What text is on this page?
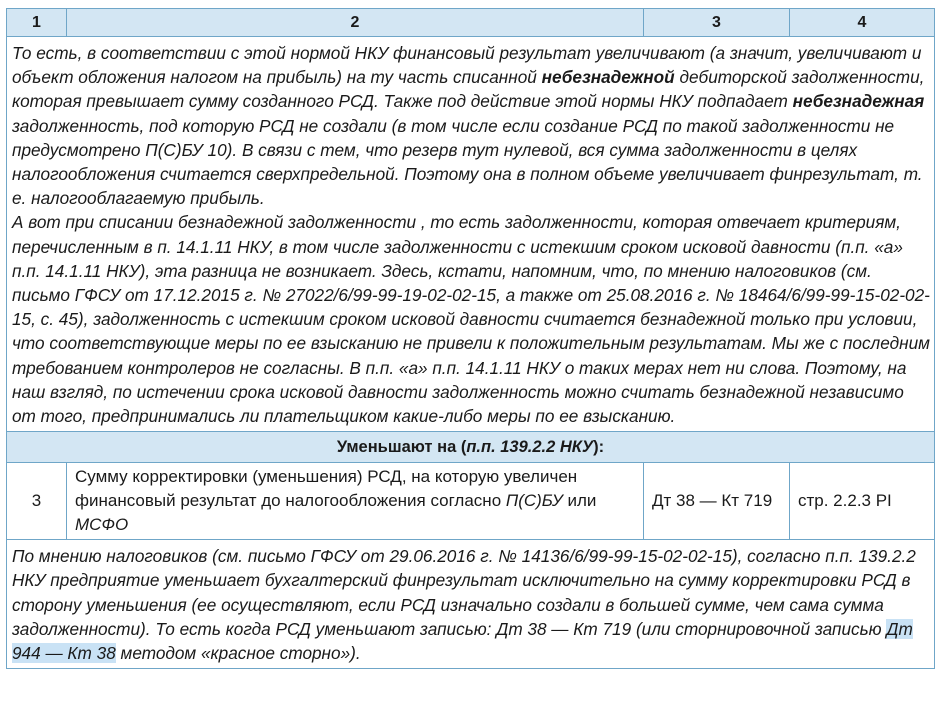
1	2	3	4

То есть, в соответствии с этой нормой НКУ финансовый результат увеличивают (а значит, увеличивают и объект обложения налогом на прибыль) на ту часть списанной небезнадежной дебиторской задолженности, которая превышает сумму созданного РСД. Также под действие этой нормы НКУ подпадает небезнадежная задолженность, под которую РСД не создали (в том числе если создание РСД по такой задолженности не предусмотрено П(С)БУ 10). В связи с тем, что резерв тут нулевой, вся сумма задолженности в целях налогообложения считается сверхпредельной. Поэтому она в полном объеме увеличивает финрезультат, т. е. налогооблагаемую прибыль.

А вот при списании безнадежной задолженности , то есть задолженности, которая отвечает критериям, перечисленным в п. 14.1.11 НКУ, в том числе задолженности с истекшим сроком исковой давности (п.п. «а» п.п. 14.1.11 НКУ), эта разница не возникает. Здесь, кстати, напомним, что, по мнению налоговиков (см. письмо ГФСУ от 17.12.2015 г. № 27022/6/99-99-19-02-02-15, а также от 25.08.2016 г. № 18464/6/99-99-15-02-02-15, с. 45), задолженность с истекшим сроком исковой давности считается безнадежной только при условии, что соответствующие меры по ее взысканию не привели к положительным результатам. Мы же с последним требованием контролеров не согласны. В п.п. «а» п.п. 14.1.11 НКУ о таких мерах нет ни слова. Поэтому, на наш взгляд, по истечении срока исковой давности задолженность можно считать безнадежной независимо от того, предпринимались ли плательщиком какие-либо меры по ее взысканию.			

Уменьшают на (п.п. 139.2.2 НКУ):			
3	Сумму корректировки (уменьшения) РСД, на которую увеличен финансовый результат до налогообложения согласно П(С)БУ или МСФО	Дт 38 — Кт 719	стр. 2.2.3 PI

По мнению налоговиков (см. письмо ГФСУ от 29.06.2016 г. № 14136/6/99-99-15-02-02-15), согласно п.п. 139.2.2 НКУ предприятие уменьшает бухгалтерский финрезультат исключительно на сумму корректировки РСД в сторону уменьшения (ее осуществляют, если РСД изначально создали в большей сумме, чем сама сумма задолженности). То есть когда РСД уменьшают записью: Дт 38 — Кт 719 (или сторнировочной записью Дт 944 — Кт 38 методом «красное сторно»).			
